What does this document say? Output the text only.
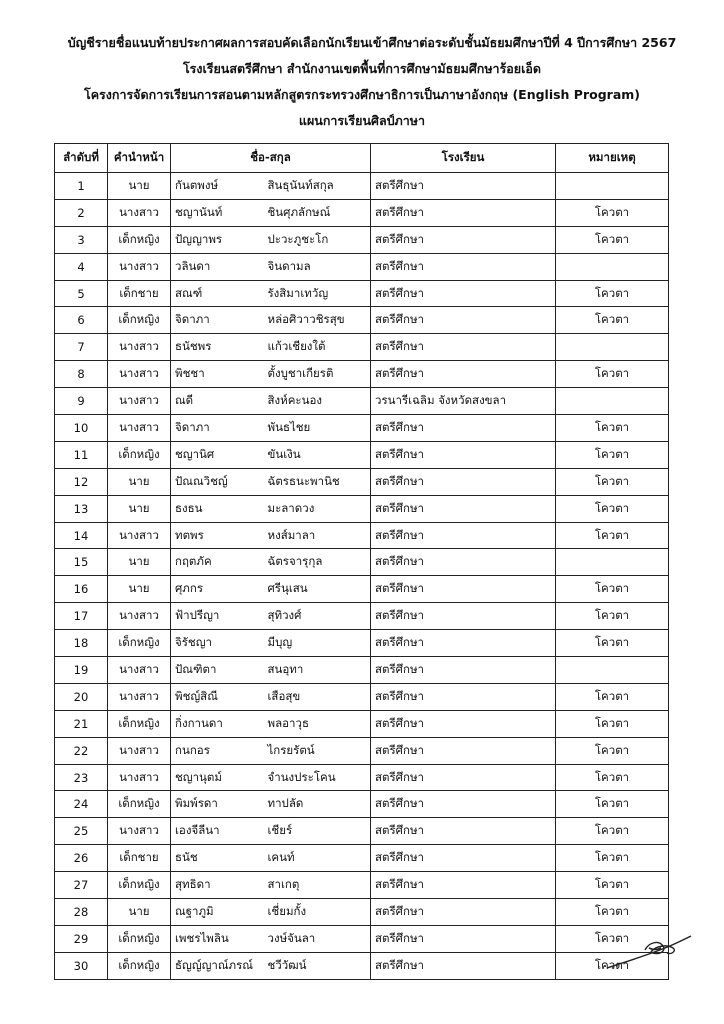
บัญชีรายชื่อแนบท้ายประกาศผลการสอบคัดเลือกนักเรียนเข้าศึกษาต่อระดับชั้นมัธยมศึกษาปีที่ 4 ปีการศึกษา 2567
โรงเรียนสตรีศึกษา สำนักงานเขตพื้นที่การศึกษามัธยมศึกษาร้อยเอ็ด
โครงการจัดการเรียนการสอนตามหลักสูตรกระทรวงศึกษาธิการเป็นภาษาอังกฤษ (English Program)
แผนการเรียนศิลป์ภาษา
ลำดับที่	คำนำหน้า	ชื่อ-สกุล		โรงเรียน	หมายเหตุ
1	นาย	กันตพงษ์	สินธุนันท์สกุล	สตรีศึกษา	
2	นางสาว	ชญานันท์	ชินศุภลักษณ์	สตรีศึกษา	โควตา
3	เด็กหญิง	ปัญญาพร	ปะวะภูชะโก	สตรีศึกษา	โควตา
4	นางสาว	วลินดา	จินดามล	สตรีศึกษา	
5	เด็กชาย	สณฑ์	รังสิมาเทวัญ	สตรีศึกษา	โควตา
6	เด็กหญิง	จิดาภา	หล่อศิวาวชิรสุข	สตรีศึกษา	โควตา
7	นางสาว	ธนัชพร	แก้วเชียงใต้	สตรีศึกษา	
8	นางสาว	พิชชา	ตั้งบูชาเกียรติ	สตรีศึกษา	โควตา
9	นางสาว	ณดี	สิงห์คะนอง	วรนารีเฉลิม จังหวัดสงขลา	
10	นางสาว	จิดาภา	พันธไชย	สตรีศึกษา	โควตา
11	เด็กหญิง	ชญานิศ	ขันเงิน	สตรีศึกษา	โควตา
12	นาย	ปัณณวิชญ์	ฉัตรธนะพานิช	สตรีศึกษา	โควตา
13	นาย	ธงธน	มะลาดวง	สตรีศึกษา	โควตา
14	นางสาว	ทตพร	หงส์มาลา	สตรีศึกษา	โควตา
15	นาย	กฤตภัค	ฉัตรจารุกุล	สตรีศึกษา	
16	นาย	ศุภกร	ศรีนุเสน	สตรีศึกษา	โควตา
17	นางสาว	ฟ้าปรีญา	สุทิวงศ์	สตรีศึกษา	โควตา
18	เด็กหญิง	จิรัชญา	มีบุญ	สตรีศึกษา	โควตา
19	นางสาว	ปัณฑิตา	สนอุทา	สตรีศึกษา	
20	นางสาว	พิชญ์สิณี	เสือสุข	สตรีศึกษา	โควตา
21	เด็กหญิง	กิ่งกานดา	พลอาวุธ	สตรีศึกษา	โควตา
22	นางสาว	กนกอร	ไกรยรัตน์	สตรีศึกษา	โควตา
23	นางสาว	ชญานุตม์	จำนงประโคน	สตรีศึกษา	โควตา
24	เด็กหญิง	พิมพ์รดา	ทาปลัด	สตรีศึกษา	โควตา
25	นางสาว	เองจีลีนา	เชียร์	สตรีศึกษา	โควตา
26	เด็กชาย	ธนัช	เคนท์	สตรีศึกษา	โควตา
27	เด็กหญิง	สุทธิดา	สาเกตุ	สตรีศึกษา	โควตา
28	นาย	ณฐาภูมิ	เชี่ยมกั้ง	สตรีศึกษา	โควตา
29	เด็กหญิง	เพชรไพลิน	วงษ์จันลา	สตรีศึกษา	โควตา
30	เด็กหญิง	ธัญญ์ญาณ์ภรณ์	ชวีวัฒน์	สตรีศึกษา	โควตา
